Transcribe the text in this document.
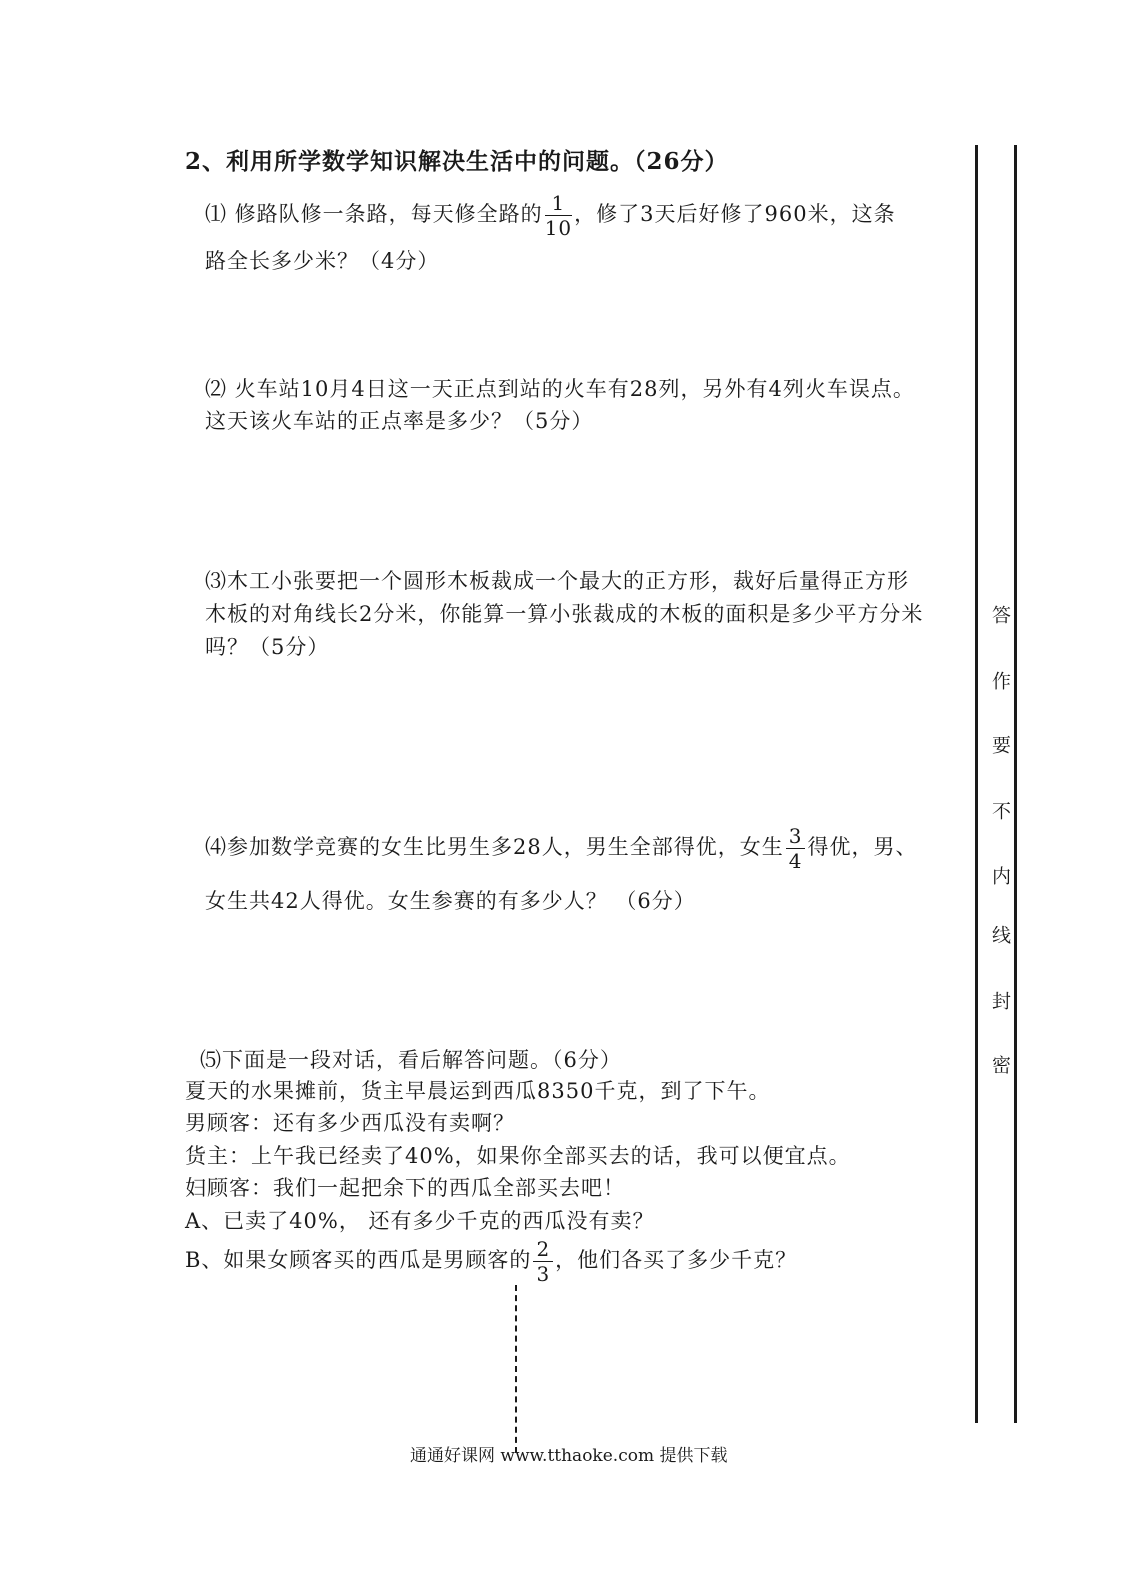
2、利用所学数学知识解决生活中的问题。（26分）
⑴ 修路队修一条路，每天修全路的 $\frac{1}{10}$ ，修了3天后好修了960米，这条
路全长多少米？（4分）
⑵ 火车站10月4日这一天正点到站的火车有28列，另外有4列火车误点。
这天该火车站的正点率是多少？（5分）
⑶木工小张要把一个圆形木板裁成一个最大的正方形，裁好后量得正方形
木板的对角线长2分米，你能算一算小张裁成的木板的面积是多少平方分米
吗？（5分）
⑷参加数学竞赛的女生比男生多28人，男生全部得优，女生 $\frac{3}{4}$ 得优，男、
女生共42人得优。女生参赛的有多少人？ （6分）
⑸下面是一段对话，看后解答问题。（6分）
夏天的水果摊前，货主早晨运到西瓜8350千克，到了下午。
男顾客：还有多少西瓜没有卖啊？
货主：上午我已经卖了40%，如果你全部买去的话，我可以便宜点。
妇顾客：我们一起把余下的西瓜全部买去吧！
A、已卖了40%， 还有多少千克的西瓜没有卖？
B、如果女顾客买的西瓜是男顾客的 $\frac{2}{3}$ ，他们各买了多少千克？
答
作
要
不
内
线
封
密
通通好课网 www.tthaoke.com 提供下载
